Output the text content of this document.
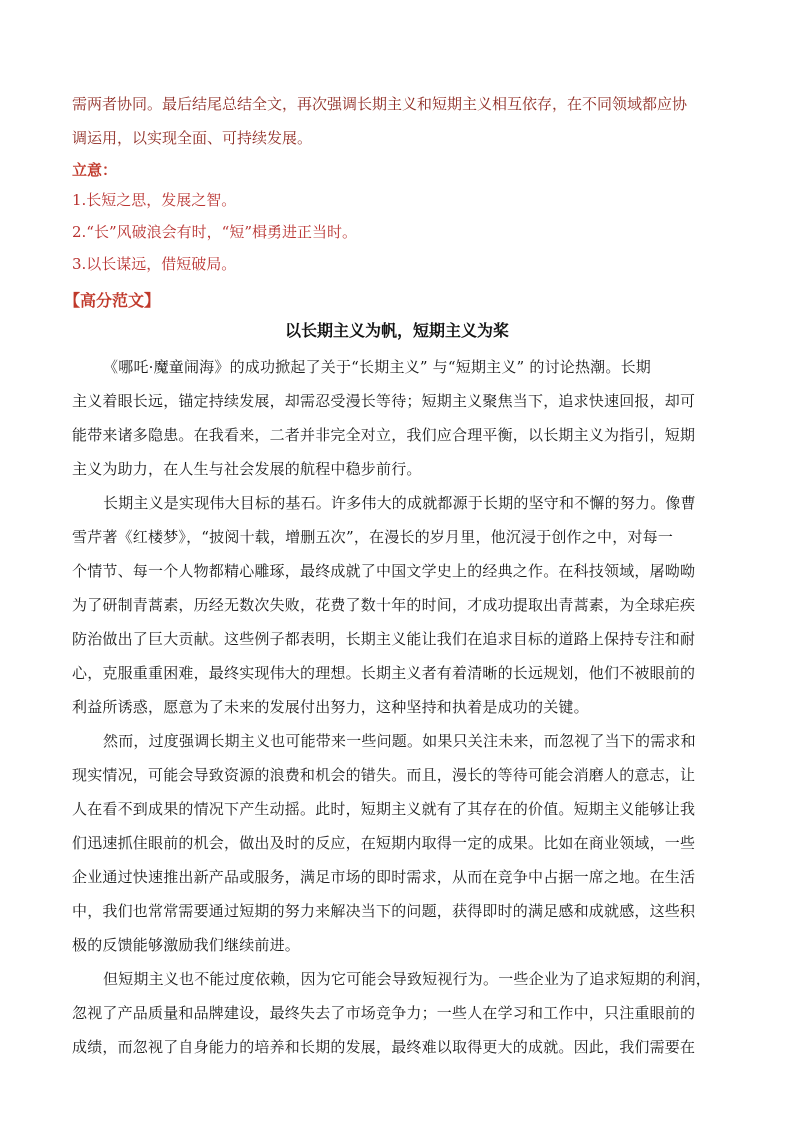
需两者协同。最后结尾总结全文，再次强调长期主义和短期主义相互依存，在不同领域都应协
调运用，以实现全面、可持续发展。
立意：
1.长短之思，发展之智。
2.“长”风破浪会有时，“短”楫勇进正当时。
3.以长谋远，借短破局。
【高分范文】
以长期主义为帆，短期主义为桨
《哪吒·魔童闹海》的成功掀起了关于“长期主义” 与“短期主义” 的讨论热潮。长期
主义着眼长远，锚定持续发展，却需忍受漫长等待；短期主义聚焦当下，追求快速回报，却可
能带来诸多隐患。在我看来，二者并非完全对立，我们应合理平衡，以长期主义为指引，短期
主义为助力，在人生与社会发展的航程中稳步前行。
长期主义是实现伟大目标的基石。许多伟大的成就都源于长期的坚守和不懈的努力。像曹
雪芹著《红楼梦》，“披阅十载，增删五次”，在漫长的岁月里，他沉浸于创作之中，对每一
个情节、每一个人物都精心雕琢，最终成就了中国文学史上的经典之作。在科技领域，屠呦呦
为了研制青蒿素，历经无数次失败，花费了数十年的时间，才成功提取出青蒿素，为全球疟疾
防治做出了巨大贡献。这些例子都表明，长期主义能让我们在追求目标的道路上保持专注和耐
心，克服重重困难，最终实现伟大的理想。长期主义者有着清晰的长远规划，他们不被眼前的
利益所诱惑，愿意为了未来的发展付出努力，这种坚持和执着是成功的关键。
然而，过度强调长期主义也可能带来一些问题。如果只关注未来，而忽视了当下的需求和
现实情况，可能会导致资源的浪费和机会的错失。而且，漫长的等待可能会消磨人的意志，让
人在看不到成果的情况下产生动摇。此时，短期主义就有了其存在的价值。短期主义能够让我
们迅速抓住眼前的机会，做出及时的反应，在短期内取得一定的成果。比如在商业领域，一些
企业通过快速推出新产品或服务，满足市场的即时需求，从而在竞争中占据一席之地。在生活
中，我们也常常需要通过短期的努力来解决当下的问题，获得即时的满足感和成就感，这些积
极的反馈能够激励我们继续前进。
但短期主义也不能过度依赖，因为它可能会导致短视行为。一些企业为了追求短期的利润，
忽视了产品质量和品牌建设，最终失去了市场竞争力；一些人在学习和工作中，只注重眼前的
成绩，而忽视了自身能力的培养和长期的发展，最终难以取得更大的成就。因此，我们需要在
